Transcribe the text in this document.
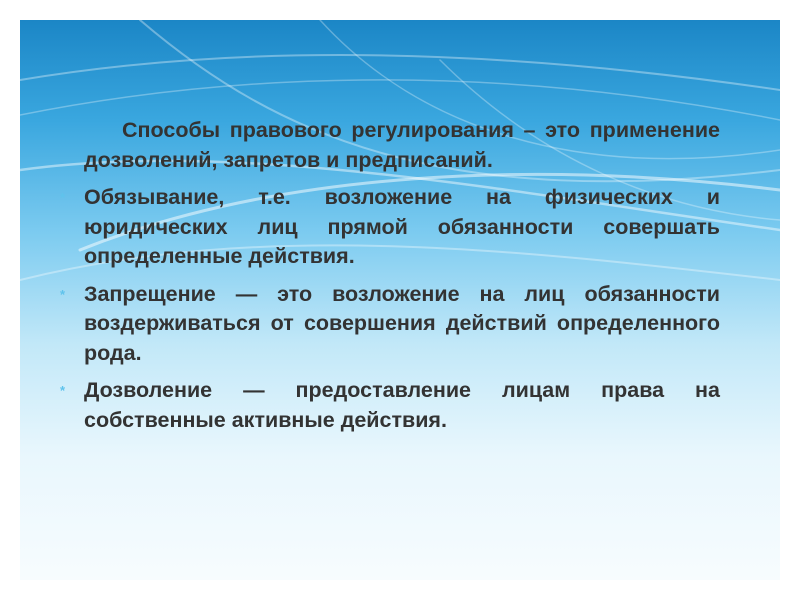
Способы правового регулирования – это применение дозволений, запретов и предписаний.

* Обязывание, т.е. возложение на физических и юридических лиц прямой обязанности совершать определенные действия.

* Запрещение — это возложение на лиц обязанности воздерживаться от совершения действий определенного рода.

* Дозволение — предоставление лицам права на собственные активные действия.
